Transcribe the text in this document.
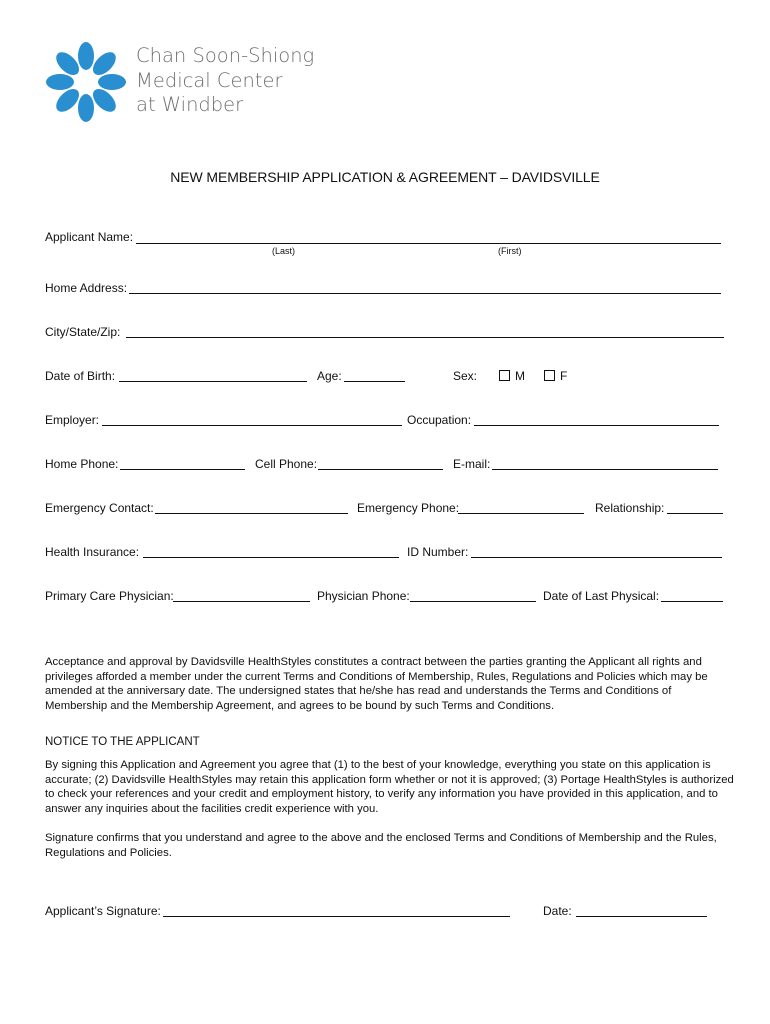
Chan Soon-Shiong
Medical Center
at Windber
NEW MEMBERSHIP APPLICATION & AGREEMENT – DAVIDSVILLE
Applicant Name:
(Last)	(First)
Home Address:
City/State/Zip:
Date of Birth:	Age:	Sex:	M	F
Employer:	Occupation:
Home Phone:	Cell Phone:	E-mail:
Emergency Contact:	Emergency Phone:	Relationship:
Health Insurance:	ID Number:
Primary Care Physician:	Physician Phone:	Date of Last Physical:
Acceptance and approval by Davidsville HealthStyles constitutes a contract between the parties granting the Applicant all rights and privileges afforded a member under the current Terms and Conditions of Membership, Rules, Regulations and Policies which may be amended at the anniversary date. The undersigned states that he/she has read and understands the Terms and Conditions of Membership and the Membership Agreement, and agrees to be bound by such Terms and Conditions.
NOTICE TO THE APPLICANT
By signing this Application and Agreement you agree that (1) to the best of your knowledge, everything you state on this application is accurate; (2) Davidsville HealthStyles may retain this application form whether or not it is approved; (3) Portage HealthStyles is authorized to check your references and your credit and employment history, to verify any information you have provided in this application, and to answer any inquiries about the facilities credit experience with you.
Signature confirms that you understand and agree to the above and the enclosed Terms and Conditions of Membership and the Rules, Regulations and Policies.
Applicant’s Signature:	Date:
